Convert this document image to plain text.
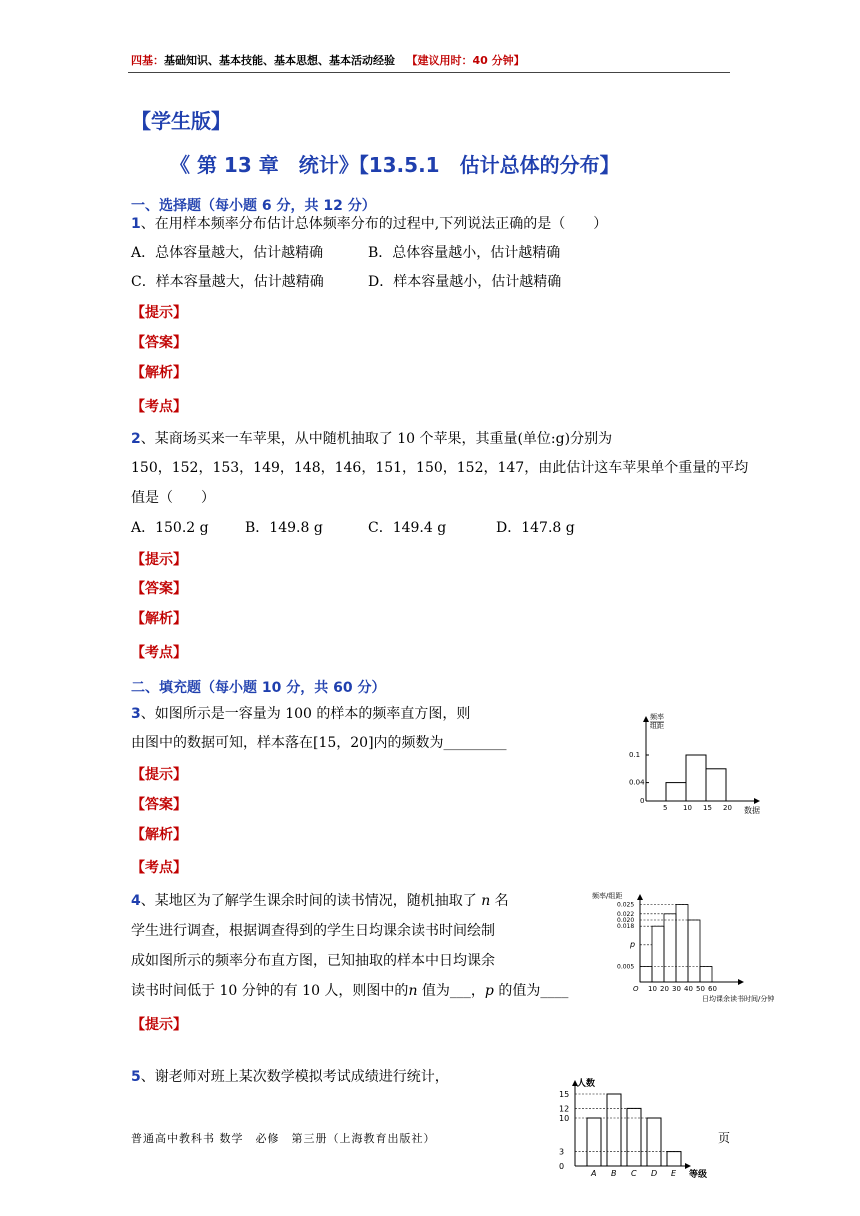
四基：基础知识、基本技能、基本思想、基本活动经验 【建议用时：40 分钟】
【学生版】
《 第 13 章　统计》【13.5.1　估计总体的分布】
一、选择题（每小题 6 分，共 12 分）
1、在用样本频率分布估计总体频率分布的过程中,下列说法正确的是（　　）
A．总体容量越大，估计越精确	B．总体容量越小，估计越精确
C．样本容量越大，估计越精确	D．样本容量越小，估计越精确
【提示】
【答案】
【解析】
【考点】
2、某商场买来一车苹果，从中随机抽取了 10 个苹果，其重量(单位:g)分别为
150，152，153，149，148，146，151，150，152，147，由此估计这车苹果单个重量的平均
值是（　　）
A．150.2 g	B．149.8 g	C．149.4 g	D．147.8 g
【提示】
【答案】
【解析】
【考点】
二、填充题（每小题 10 分，共 60 分）
3、如图所示是一容量为 100 的样本的频率直方图，则
由图中的数据可知，样本落在[15，20]内的频数为_________
【提示】
【答案】
【解析】
【考点】
频率
组距
0
5 10 15 20
0.04
0.1
数据
4、某地区为了解学生课余时间的读书情况，随机抽取了 n 名
学生进行调查，根据调查得到的学生日均课余读书时间绘制
成如图所示的频率分布直方图，已知抽取的样本中日均课余
读书时间低于 10 分钟的有 10 人，则图中的n 值为___，p 的值为____
【提示】
频率/组距
0.005
p
0.018
0.020
0.022
0.025
O 10 20 30 40 50 60
日均课余读书时间/分钟
5、谢老师对班上某次数学模拟考试成绩进行统计，	人数
0
3
10
12
15
A B C D E 等级
普通高中教科书 数学　必修　第三册（上海教育出版社）	页
